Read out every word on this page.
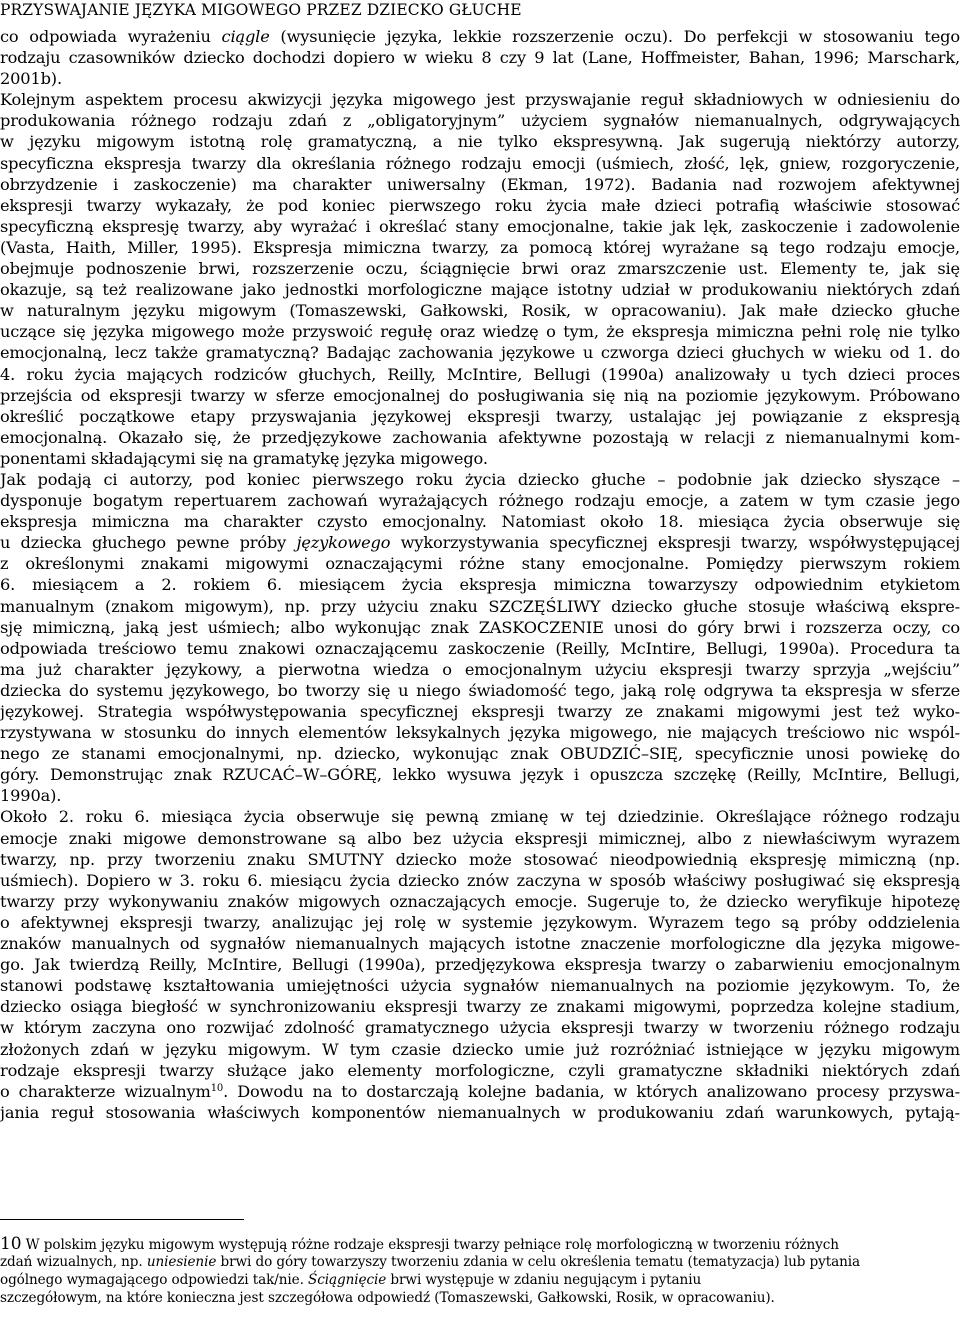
PRZYSWAJANIE JĘZYKA MIGOWEGO PRZEZ DZIECKO GŁUCHE
co odpowiada wyrażeniu ciągle (wysunięcie języka, lekkie rozszerzenie oczu). Do perfekcji w stosowaniu tego
rodzaju czasowników dziecko dochodzi dopiero w wieku 8 czy 9 lat (Lane, Hoffmeister, Bahan, 1996; Marschark,
2001b).
Kolejnym aspektem procesu akwizycji języka migowego jest przyswajanie reguł składniowych w odniesieniu do
produkowania różnego rodzaju zdań z „obligatoryjnym” użyciem sygnałów niemanualnych, odgrywających
w języku migowym istotną rolę gramatyczną, a nie tylko ekspresywną. Jak sugerują niektórzy autorzy,
specyficzna ekspresja twarzy dla określania różnego rodzaju emocji (uśmiech, złość, lęk, gniew, rozgoryczenie,
obrzydzenie i zaskoczenie) ma charakter uniwersalny (Ekman, 1972). Badania nad rozwojem afektywnej
ekspresji twarzy wykazały, że pod koniec pierwszego roku życia małe dzieci potrafią właściwie stosować
specyficzną ekspresję twarzy, aby wyrażać i określać stany emocjonalne, takie jak lęk, zaskoczenie i zadowolenie
(Vasta, Haith, Miller, 1995). Ekspresja mimiczna twarzy, za pomocą której wyrażane są tego rodzaju emocje,
obejmuje podnoszenie brwi, rozszerzenie oczu, ściągnięcie brwi oraz zmarszczenie ust. Elementy te, jak się
okazuje, są też realizowane jako jednostki morfologiczne mające istotny udział w produkowaniu niektórych zdań
w naturalnym języku migowym (Tomaszewski, Gałkowski, Rosik, w opracowaniu). Jak małe dziecko głuche
uczące się języka migowego może przyswoić regułę oraz wiedzę o tym, że ekspresja mimiczna pełni rolę nie tylko
emocjonalną, lecz także gramatyczną? Badając zachowania językowe u czworga dzieci głuchych w wieku od 1. do
4. roku życia mających rodziców głuchych, Reilly, McIntire, Bellugi (1990a) analizowały u tych dzieci proces
przejścia od ekspresji twarzy w sferze emocjonalnej do posługiwania się nią na poziomie językowym. Próbowano
określić początkowe etapy przyswajania językowej ekspresji twarzy, ustalając jej powiązanie z ekspresją
emocjonalną. Okazało się, że przedjęzykowe zachowania afektywne pozostają w relacji z niemanualnymi kom-
ponentami składającymi się na gramatykę języka migowego.
Jak podają ci autorzy, pod koniec pierwszego roku życia dziecko głuche – podobnie jak dziecko słyszące –
dysponuje bogatym repertuarem zachowań wyrażających różnego rodzaju emocje, a zatem w tym czasie jego
ekspresja mimiczna ma charakter czysto emocjonalny. Natomiast około 18. miesiąca życia obserwuje się
u dziecka głuchego pewne próby językowego wykorzystywania specyficznej ekspresji twarzy, współwystępującej
z określonymi znakami migowymi oznaczającymi różne stany emocjonalne. Pomiędzy pierwszym rokiem
6. miesiącem a 2. rokiem 6. miesiącem życia ekspresja mimiczna towarzyszy odpowiednim etykietom
manualnym (znakom migowym), np. przy użyciu znaku SZCZĘŚLIWY dziecko głuche stosuje właściwą ekspre-
sję mimiczną, jaką jest uśmiech; albo wykonując znak ZASKOCZENIE unosi do góry brwi i rozszerza oczy, co
odpowiada treściowo temu znakowi oznaczającemu zaskoczenie (Reilly, McIntire, Bellugi, 1990a). Procedura ta
ma już charakter językowy, a pierwotna wiedza o emocjonalnym użyciu ekspresji twarzy sprzyja „wejściu”
dziecka do systemu językowego, bo tworzy się u niego świadomość tego, jaką rolę odgrywa ta ekspresja w sferze
językowej. Strategia współwystępowania specyficznej ekspresji twarzy ze znakami migowymi jest też wyko-
rzystywana w stosunku do innych elementów leksykalnych języka migowego, nie mających treściowo nic wspól-
nego ze stanami emocjonalnymi, np. dziecko, wykonując znak OBUDZIĆ–SIĘ, specyficznie unosi powiekę do
góry. Demonstrując znak RZUCAĆ–W–GÓRĘ, lekko wysuwa język i opuszcza szczękę (Reilly, McIntire, Bellugi,
1990a).
Około 2. roku 6. miesiąca życia obserwuje się pewną zmianę w tej dziedzinie. Określające różnego rodzaju
emocje znaki migowe demonstrowane są albo bez użycia ekspresji mimicznej, albo z niewłaściwym wyrazem
twarzy, np. przy tworzeniu znaku SMUTNY dziecko może stosować nieodpowiednią ekspresję mimiczną (np.
uśmiech). Dopiero w 3. roku 6. miesiącu życia dziecko znów zaczyna w sposób właściwy posługiwać się ekspresją
twarzy przy wykonywaniu znaków migowych oznaczających emocje. Sugeruje to, że dziecko weryfikuje hipotezę
o afektywnej ekspresji twarzy, analizując jej rolę w systemie językowym. Wyrazem tego są próby oddzielenia
znaków manualnych od sygnałów niemanualnych mających istotne znaczenie morfologiczne dla języka migowe-
go. Jak twierdzą Reilly, McIntire, Bellugi (1990a), przedjęzykowa ekspresja twarzy o zabarwieniu emocjonalnym
stanowi podstawę kształtowania umiejętności użycia sygnałów niemanualnych na poziomie językowym. To, że
dziecko osiąga biegłość w synchronizowaniu ekspresji twarzy ze znakami migowymi, poprzedza kolejne stadium,
w którym zaczyna ono rozwijać zdolność gramatycznego użycia ekspresji twarzy w tworzeniu różnego rodzaju
złożonych zdań w języku migowym. W tym czasie dziecko umie już rozróżniać istniejące w języku migowym
rodzaje ekspresji twarzy służące jako elementy morfologiczne, czyli gramatyczne składniki niektórych zdań
o charakterze wizualnym$^{10}$. Dowodu na to dostarczają kolejne badania, w których analizowano procesy przyswa-
jania reguł stosowania właściwych komponentów niemanualnych w produkowaniu zdań warunkowych, pytają-
10 W polskim języku migowym występują różne rodzaje ekspresji twarzy pełniące rolę morfologiczną w tworzeniu różnych
zdań wizualnych, np. uniesienie brwi do góry towarzyszy tworzeniu zdania w celu określenia tematu (tematyzacja) lub pytania
ogólnego wymagającego odpowiedzi tak/nie. Ściągnięcie brwi występuje w zdaniu negującym i pytaniu
szczegółowym, na które konieczna jest szczegółowa odpowiedź (Tomaszewski, Gałkowski, Rosik, w opracowaniu).
